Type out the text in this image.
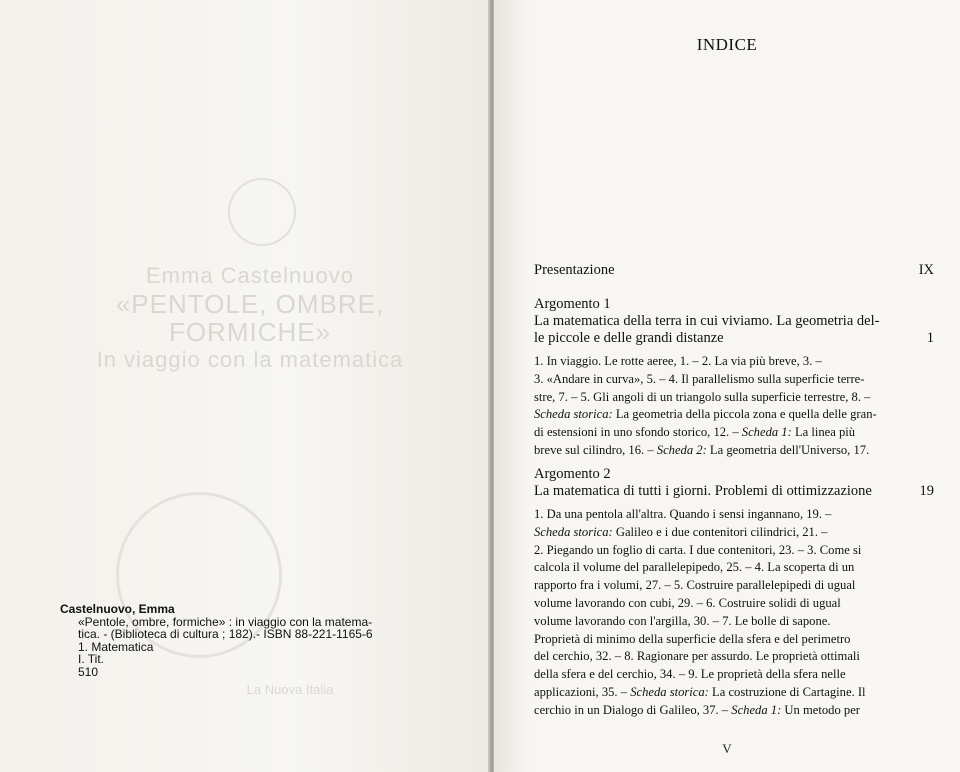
Emma Castelnuovo
«PENTOLE, OMBRE, FORMICHE»
In viaggio con la matematica
La Nuova Italia
Castelnuovo, Emma
«Pentole, ombre, formiche» : in viaggio con la matema-
tica. - (Biblioteca di cultura ; 182).- ISBN 88-221-1165-6
1. Matematica
I. Tit.
510
INDICE
Presentazione	IX
Argomento 1
La matematica della terra in cui viviamo. La geometria del-
le piccole e delle grandi distanze	1
1. In viaggio. Le rotte aeree, 1. – 2. La via più breve, 3. –
3. «Andare in curva», 5. – 4. Il parallelismo sulla superficie terre-
stre, 7. – 5. Gli angoli di un triangolo sulla superficie terrestre, 8. –
Scheda storica: La geometria della piccola zona e quella delle gran-
di estensioni in uno sfondo storico, 12. – Scheda 1: La linea più
breve sul cilindro, 16. – Scheda 2: La geometria dell'Universo, 17.
Argomento 2
La matematica di tutti i giorni. Problemi di ottimizzazione	19
1. Da una pentola all'altra. Quando i sensi ingannano, 19. –
Scheda storica: Galileo e i due contenitori cilindrici, 21. –
2. Piegando un foglio di carta. I due contenitori, 23. – 3. Come si
calcola il volume del parallelepipedo, 25. – 4. La scoperta di un
rapporto fra i volumi, 27. – 5. Costruire parallelepipedi di ugual
volume lavorando con cubi, 29. – 6. Costruire solidi di ugual
volume lavorando con l'argilla, 30. – 7. Le bolle di sapone.
Proprietà di minimo della superficie della sfera e del perimetro
del cerchio, 32. – 8. Ragionare per assurdo. Le proprietà ottimali
della sfera e del cerchio, 34. – 9. Le proprietà della sfera nelle
applicazioni, 35. – Scheda storica: La costruzione di Cartagine. Il
cerchio in un Dialogo di Galileo, 37. – Scheda 1: Un metodo per
V
